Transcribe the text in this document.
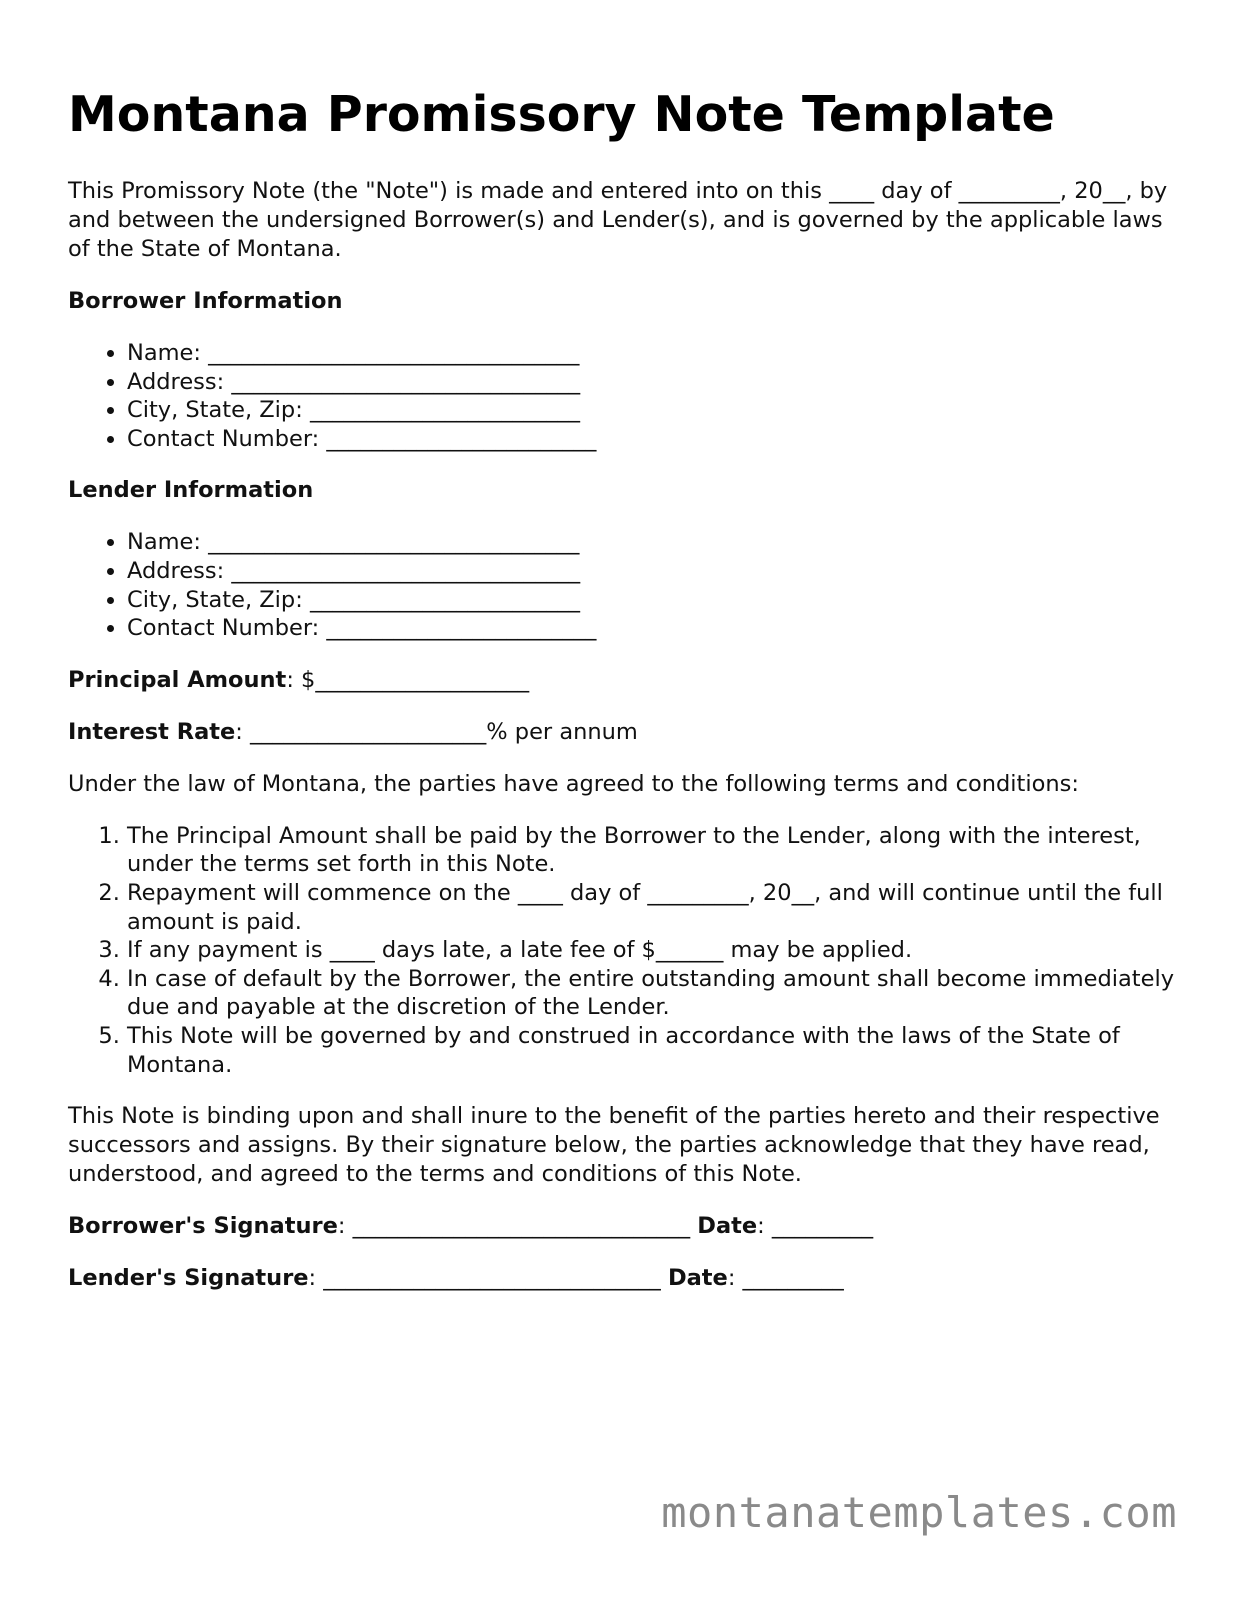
Montana Promissory Note Template

This Promissory Note (the "Note") is made and entered into on this ____ day of _________, 20__, by and between the undersigned Borrower(s) and Lender(s), and is governed by the applicable laws of the State of Montana.

Borrower Information
• Name: _________________________________
• Address: _______________________________
• City, State, Zip: ________________________
• Contact Number: ________________________
Lender Information
• Name: _________________________________
• Address: _______________________________
• City, State, Zip: ________________________
• Contact Number: ________________________

Principal Amount: $___________________

Interest Rate: _____________________% per annum

Under the law of Montana, the parties have agreed to the following terms and conditions:

1. The Principal Amount shall be paid by the Borrower to the Lender, along with the interest, under the terms set forth in this Note.
2. Repayment will commence on the ____ day of _________, 20__, and will continue until the full amount is paid.
3. If any payment is ____ days late, a late fee of $______ may be applied.
4. In case of default by the Borrower, the entire outstanding amount shall become immediately due and payable at the discretion of the Lender.
5. This Note will be governed by and construed in accordance with the laws of the State of Montana.

This Note is binding upon and shall inure to the benefit of the parties hereto and their respective successors and assigns. By their signature below, the parties acknowledge that they have read, understood, and agreed to the terms and conditions of this Note.

Borrower's Signature: ______________________________ Date: _________

Lender's Signature: ______________________________ Date: _________

montanatemplates.com
